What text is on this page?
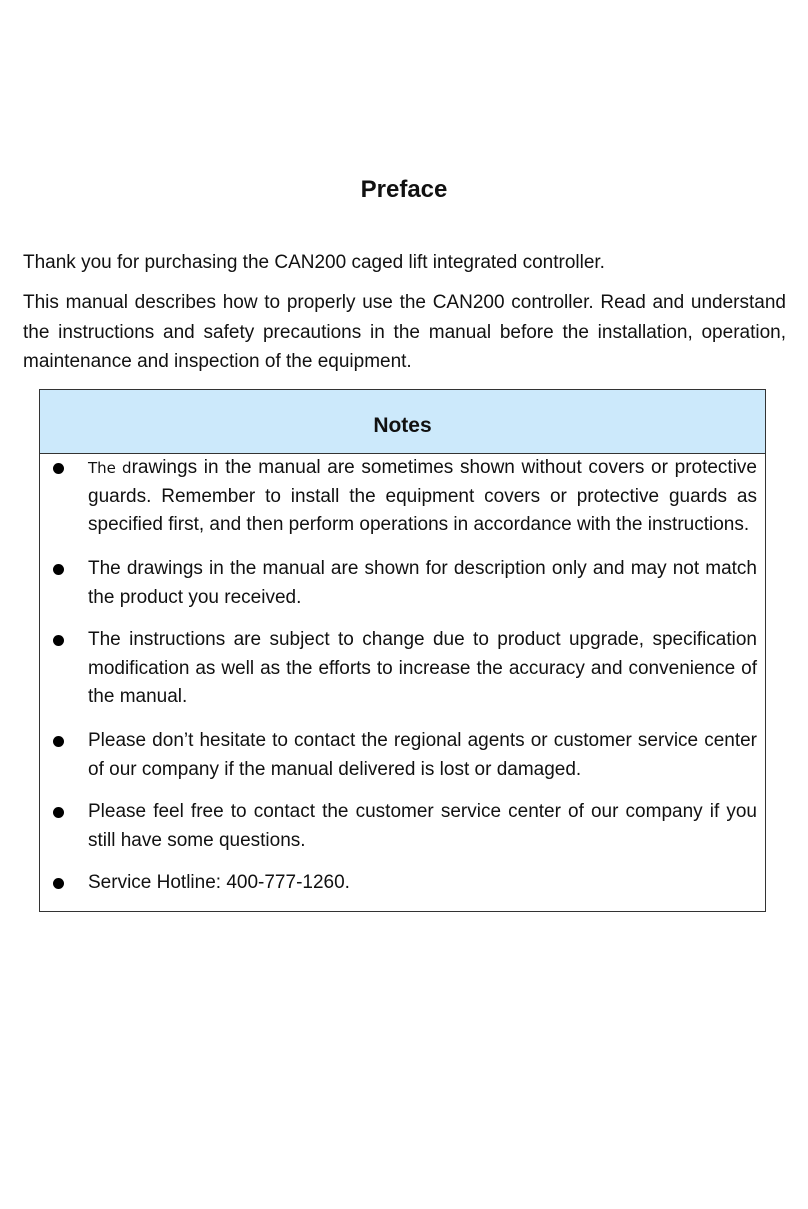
Preface

Thank you for purchasing the CAN200 caged lift integrated controller.

This manual describes how to properly use the CAN200 controller. Read and understand the instructions and safety precautions in the manual before the installation, operation, maintenance and inspection of the equipment.

Notes

The drawings in the manual are sometimes shown without covers or protective guards. Remember to install the equipment covers or protective guards as specified first, and then perform operations in accordance with the instructions.

The drawings in the manual are shown for description only and may not match the product you received.

The instructions are subject to change due to product upgrade, specification modification as well as the efforts to increase the accuracy and convenience of the manual.

Please don’t hesitate to contact the regional agents or customer service center of our company if the manual delivered is lost or damaged.

Please feel free to contact the customer service center of our company if you still have some questions.

Service Hotline: 400-777-1260.
